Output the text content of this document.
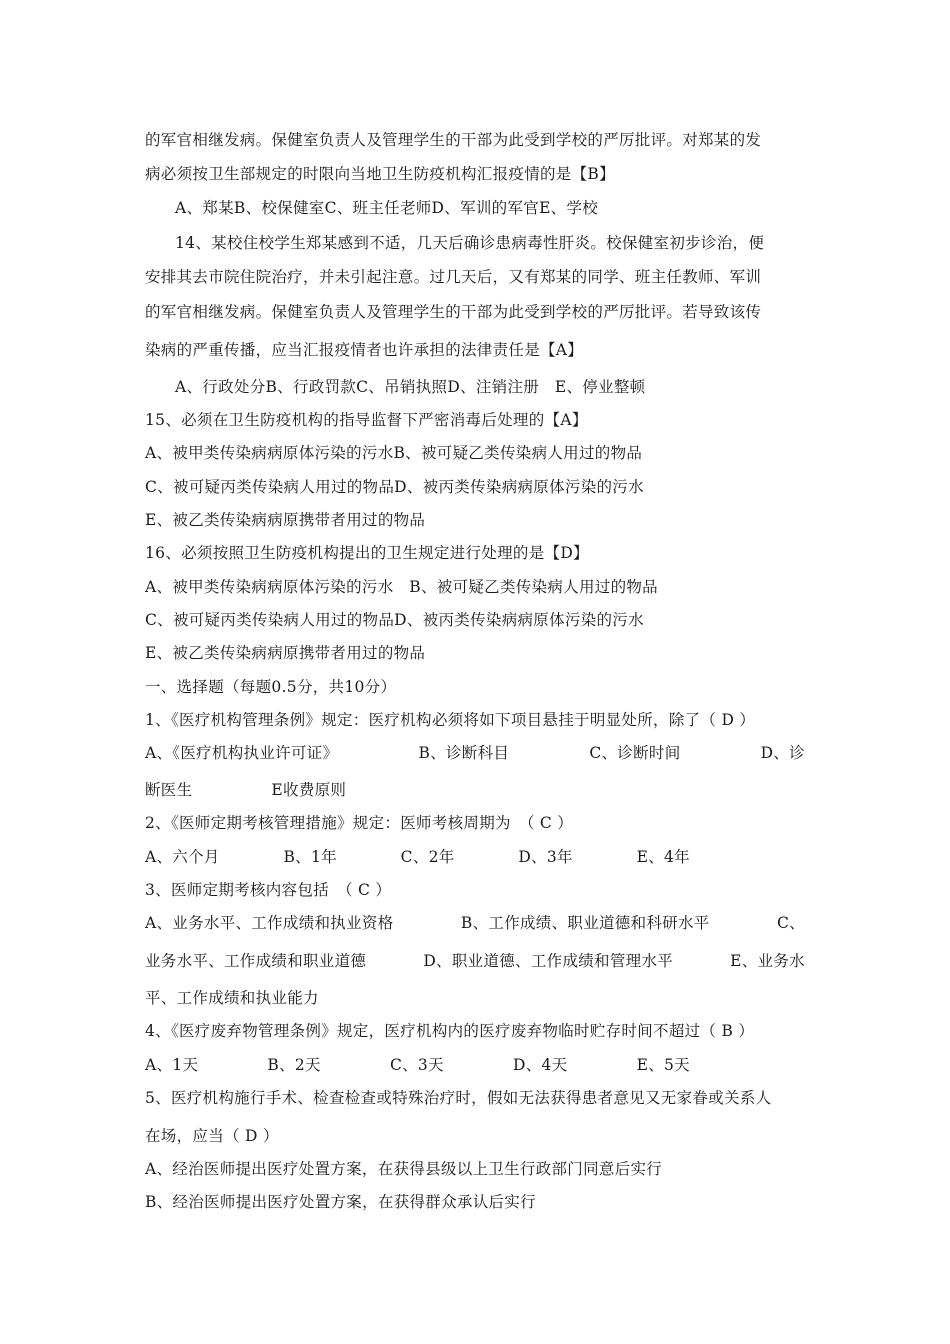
的军官相继发病。保健室负责人及管理学生的干部为此受到学校的严厉批评。对郑某的发
病必须按卫生部规定的时限向当地卫生防疫机构汇报疫情的是【B】
A、郑某B、校保健室C、班主任老师D、军训的军官E、学校
14、某校住校学生郑某感到不适，几天后确诊患病毒性肝炎。校保健室初步诊治，便
安排其去市院住院治疗，并未引起注意。过几天后，又有郑某的同学、班主任教师、军训
的军官相继发病。保健室负责人及管理学生的干部为此受到学校的严厉批评。若导致该传
染病的严重传播，应当汇报疫情者也许承担的法律责任是【A】
A、行政处分B、行政罚款C、吊销执照D、注销注册　E、停业整顿
15、必须在卫生防疫机构的指导监督下严密消毒后处理的【A】
A、被甲类传染病病原体污染的污水B、被可疑乙类传染病人用过的物品
C、被可疑丙类传染病人用过的物品D、被丙类传染病病原体污染的污水
E、被乙类传染病病原携带者用过的物品
16、必须按照卫生防疫机构提出的卫生规定进行处理的是【D】
A、被甲类传染病病原体污染的污水　B、被可疑乙类传染病人用过的物品
C、被可疑丙类传染病人用过的物品D、被丙类传染病病原体污染的污水
E、被乙类传染病病原携带者用过的物品
一、选择题（每题0.5分，共10分）
1、《医疗机构管理条例》规定：医疗机构必须将如下项目悬挂于明显处所，除了（ D ）
A、《医疗机构执业许可证》	B、诊断科目	C、诊断时间	D、诊
断医生　　　　　E收费原则
2、《医师定期考核管理措施》规定：医师考核周期为　（ C ）
A、六个月	B、1年	C、2年	D、3年	E、4年
3、医师定期考核内容包括　（ C ）
A、业务水平、工作成绩和执业资格	B、工作成绩、职业道德和科研水平	C、
业务水平、工作成绩和职业道德	D、职业道德、工作成绩和管理水平	E、业务水
平、工作成绩和执业能力
4、《医疗废弃物管理条例》规定，医疗机构内的医疗废弃物临时贮存时间不超过（ B ）
A、1天	B、2天	C、3天	D、4天	E、5天
5、医疗机构施行手术、检查检查或特殊治疗时，假如无法获得患者意见又无家眷或关系人
在场，应当（ D ）
A、经治医师提出医疗处置方案，在获得县级以上卫生行政部门同意后实行
B、经治医师提出医疗处置方案，在获得群众承认后实行
